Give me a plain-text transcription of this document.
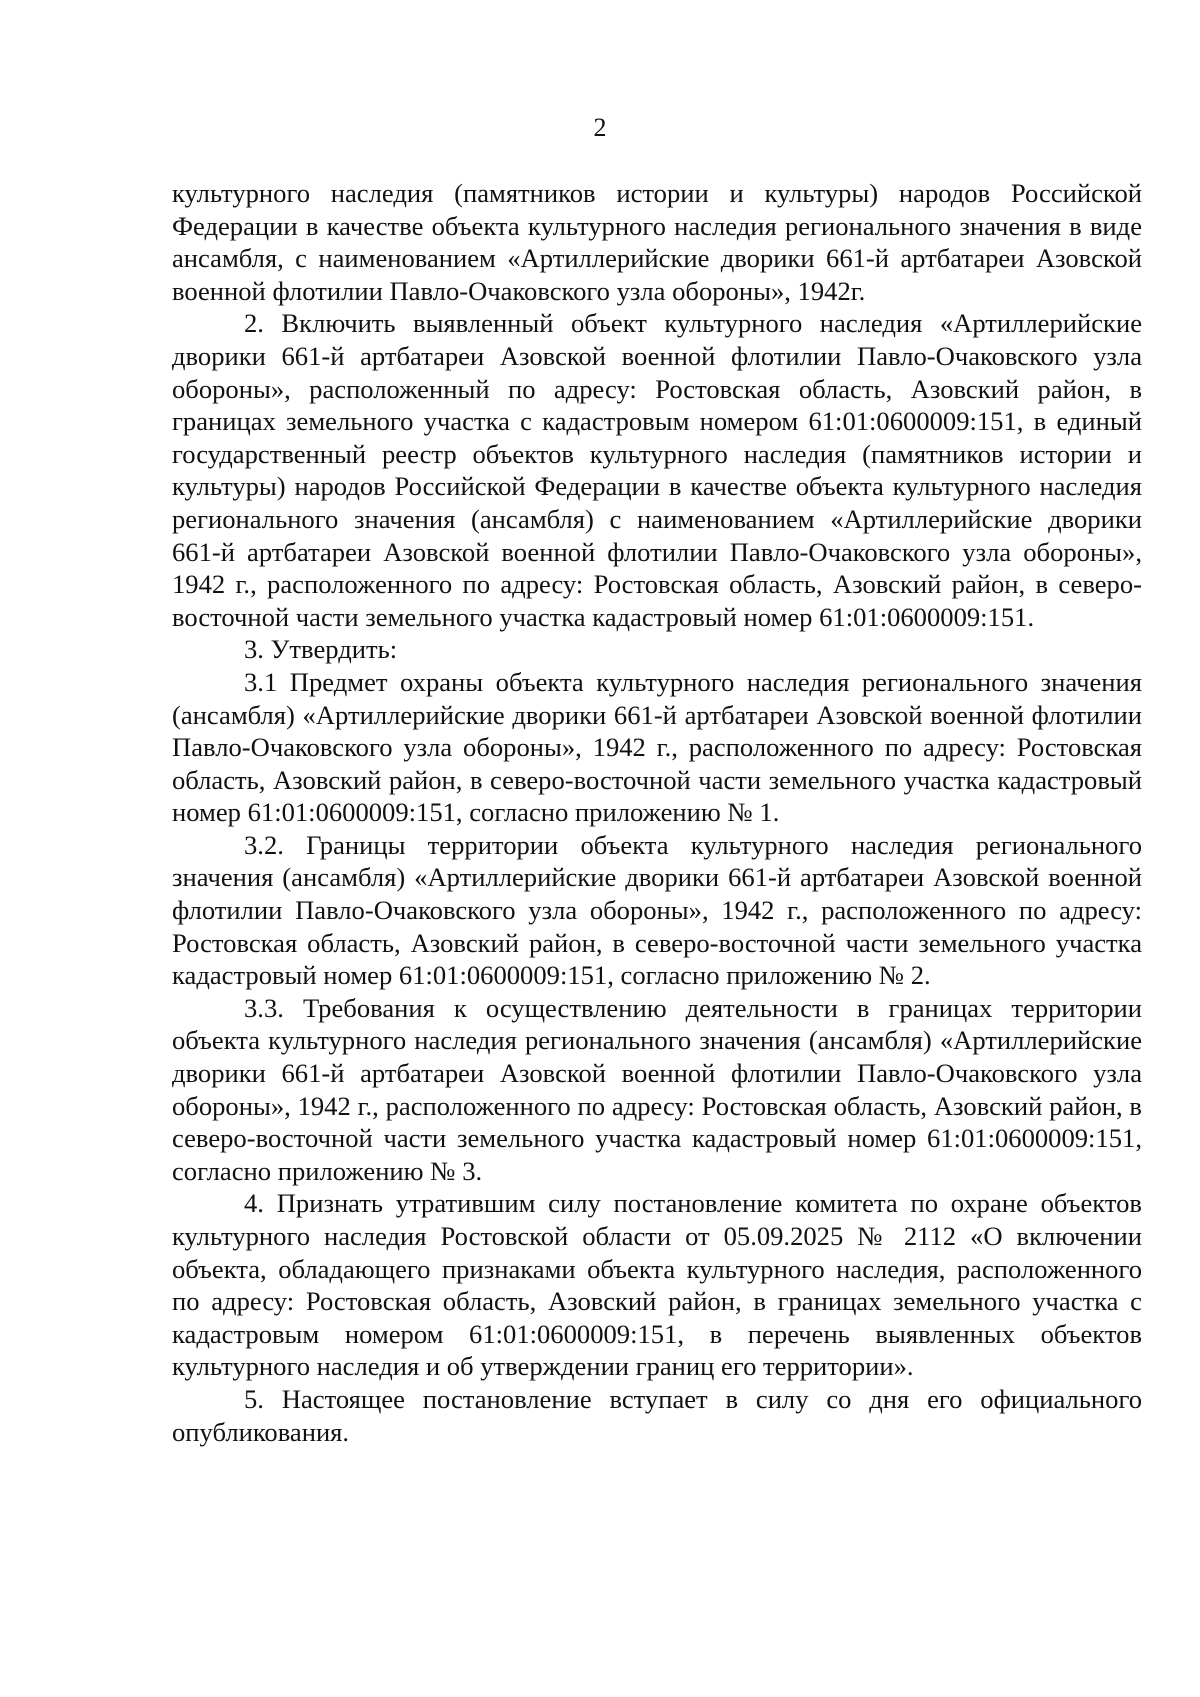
2

культурного наследия (памятников истории и культуры) народов Российской Федерации в качестве объекта культурного наследия регионального значения в виде ансамбля, с наименованием «Артиллерийские дворики 661-й артбатареи Азовской военной флотилии Павло-Очаковского узла обороны», 1942г.

2. Включить выявленный объект культурного наследия «Артиллерийские дворики 661-й артбатареи Азовской военной флотилии Павло-Очаковского узла обороны», расположенный по адресу: Ростовская область, Азовский район, в границах земельного участка с кадастровым номером 61:01:0600009:151, в единый государственный реестр объектов культурного наследия (памятников истории и культуры) народов Российской Федерации в качестве объекта культурного наследия регионального значения (ансамбля) с наименованием «Артиллерийские дворики 661-й артбатареи Азовской военной флотилии Павло-Очаковского узла обороны», 1942 г., расположенного по адресу: Ростовская область, Азовский район, в северо-восточной части земельного участка кадастровый номер 61:01:0600009:151.

3. Утвердить:

3.1 Предмет охраны объекта культурного наследия регионального значения (ансамбля) «Артиллерийские дворики 661-й артбатареи Азовской военной флотилии Павло-Очаковского узла обороны», 1942 г., расположенного по адресу: Ростовская область, Азовский район, в северо-восточной части земельного участка кадастровый номер 61:01:0600009:151, согласно приложению № 1.

3.2. Границы территории объекта культурного наследия регионального значения (ансамбля) «Артиллерийские дворики 661-й артбатареи Азовской военной флотилии Павло-Очаковского узла обороны», 1942 г., расположенного по адресу: Ростовская область, Азовский район, в северо-восточной части земельного участка кадастровый номер 61:01:0600009:151, согласно приложению № 2.

3.3. Требования к осуществлению деятельности в границах территории объекта культурного наследия регионального значения (ансамбля) «Артиллерийские дворики 661-й артбатареи Азовской военной флотилии Павло-Очаковского узла обороны», 1942 г., расположенного по адресу: Ростовская область, Азовский район, в северо-восточной части земельного участка кадастровый номер 61:01:0600009:151, согласно приложению № 3.

4. Признать утратившим силу постановление комитета по охране объектов культурного наследия Ростовской области от 05.09.2025 № 2112 «О включении объекта, обладающего признаками объекта культурного наследия, расположенного по адресу: Ростовская область, Азовский район, в границах земельного участка с кадастровым номером 61:01:0600009:151, в перечень выявленных объектов культурного наследия и об утверждении границ его территории».

5. Настоящее постановление вступает в силу со дня его официального опубликования.
